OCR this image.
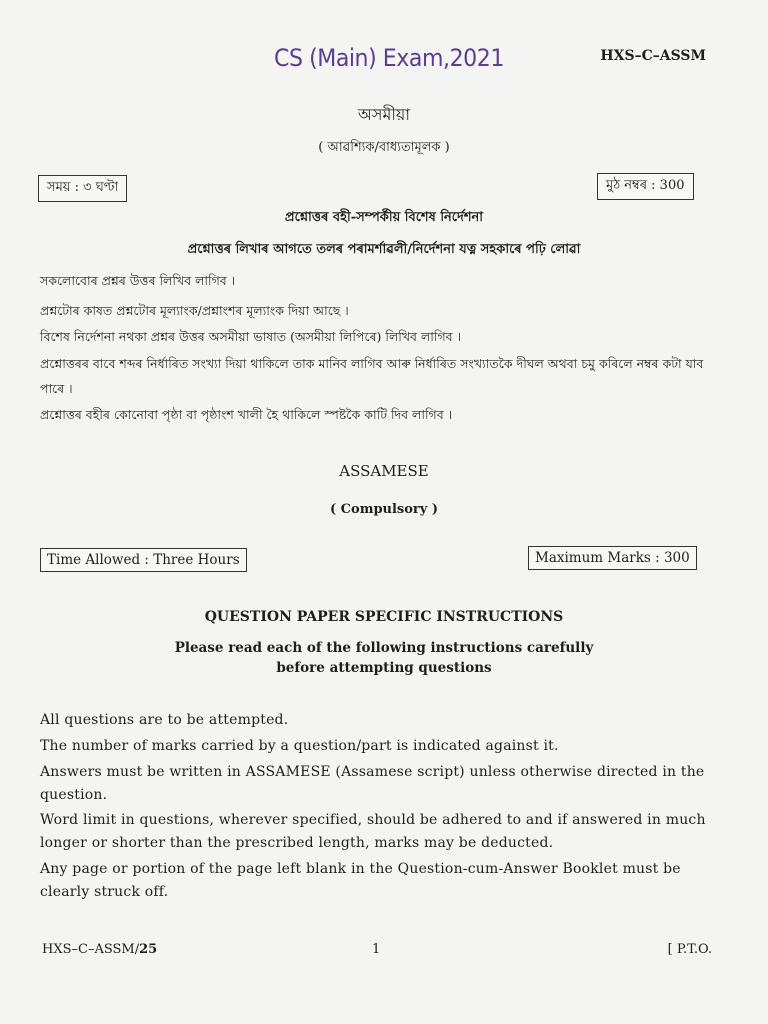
CS (Main) Exam,2021	HXS–C–ASSM
অসমীয়া
( আৱশ্যিক/বাধ্যতামূলক )
সময় : ৩ ঘণ্টা	মুঠ নম্বৰ : 300
প্ৰশ্নোত্তৰ বহী-সম্পৰ্কীয় বিশেষ নিৰ্দেশনা
প্ৰশ্নোত্তৰ লিখাৰ আগতে তলৰ পৰামৰ্শাৱলী/নিৰ্দেশনা যত্ন সহকাৰে পঢ়ি লোৱা
সকলোবোৰ প্ৰশ্নৰ উত্তৰ লিখিব লাগিব ।
প্ৰশ্নটোৰ কাষত প্ৰশ্নটোৰ মূল্যাংক/প্ৰশ্নাংশৰ মূল্যাংক দিয়া আছে ।
বিশেষ নিৰ্দেশনা নথকা প্ৰশ্নৰ উত্তৰ অসমীয়া ভাষাত (অসমীয়া লিপিৰে) লিখিব লাগিব ।
প্ৰশ্নোত্তৰৰ বাবে শব্দৰ নিৰ্ধাৰিত সংখ্যা দিয়া থাকিলে তাক মানিব লাগিব আৰু নিৰ্ধাৰিত সংখ্যাতকৈ দীঘল অথবা চমু কৰিলে নম্বৰ কটা যাব
পাৰে ।
প্ৰশ্নোত্তৰ বহীৰ কোনোবা পৃষ্ঠা বা পৃষ্ঠাংশ খালী হৈ থাকিলে স্পষ্টকৈ কাটি দিব লাগিব ।
ASSAMESE
( Compulsory )
Time Allowed : Three Hours	Maximum Marks : 300
QUESTION PAPER SPECIFIC INSTRUCTIONS
Please read each of the following instructions carefully
before attempting questions
All questions are to be attempted.
The number of marks carried by a question/part is indicated against it.
Answers must be written in ASSAMESE (Assamese script) unless otherwise directed in the
question.
Word limit in questions, wherever specified, should be adhered to and if answered in much
longer or shorter than the prescribed length, marks may be deducted.
Any page or portion of the page left blank in the Question-cum-Answer Booklet must be
clearly struck off.
HXS–C–ASSM/25	1	[ P.T.O.
